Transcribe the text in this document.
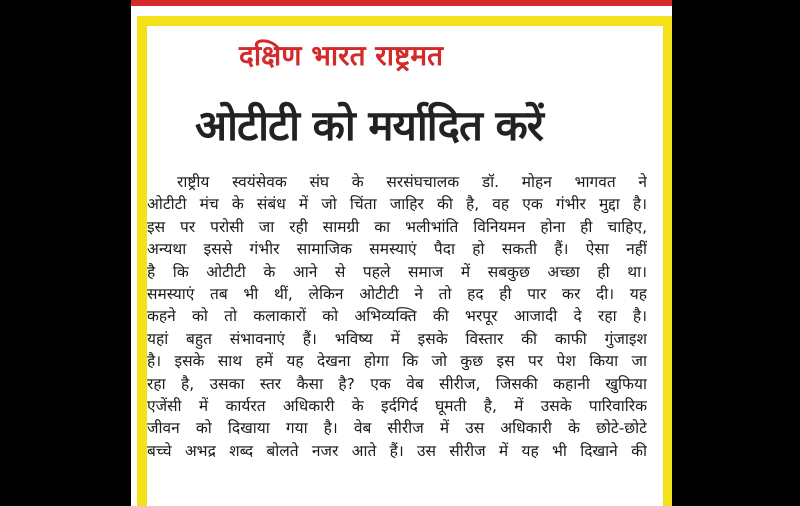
दक्षिण भारत राष्ट्रमत
ओटीटी को मर्यादित करें
राष्ट्रीय स्वयंसेवक संघ के सरसंघचालक डॉ. मोहन भागवत ने
ओटीटी मंच के संबंध में जो चिंता जाहिर की है, वह एक गंभीर मुद्दा है।
इस पर परोसी जा रही सामग्री का भलीभांति विनियमन होना ही चाहिए,
अन्यथा इससे गंभीर सामाजिक समस्याएं पैदा हो सकती हैं। ऐसा नहीं
है कि ओटीटी के आने से पहले समाज में सबकुछ अच्छा ही था।
समस्याएं तब भी थीं, लेकिन ओटीटी ने तो हद ही पार कर दी। यह
कहने को तो कलाकारों को अभिव्यक्ति की भरपूर आजादी दे रहा है।
यहां बहुत संभावनाएं हैं। भविष्य में इसके विस्तार की काफी गुंजाइश
है। इसके साथ हमें यह देखना होगा कि जो कुछ इस पर पेश किया जा
रहा है, उसका स्तर कैसा है? एक वेब सीरीज, जिसकी कहानी खुफिया
एजेंसी में कार्यरत अधिकारी के इर्दगिर्द घूमती है, में उसके पारिवारिक
जीवन को दिखाया गया है। वेब सीरीज में उस अधिकारी के छोटे-छोटे
बच्चे अभद्र शब्द बोलते नजर आते हैं। उस सीरीज में यह भी दिखाने की
